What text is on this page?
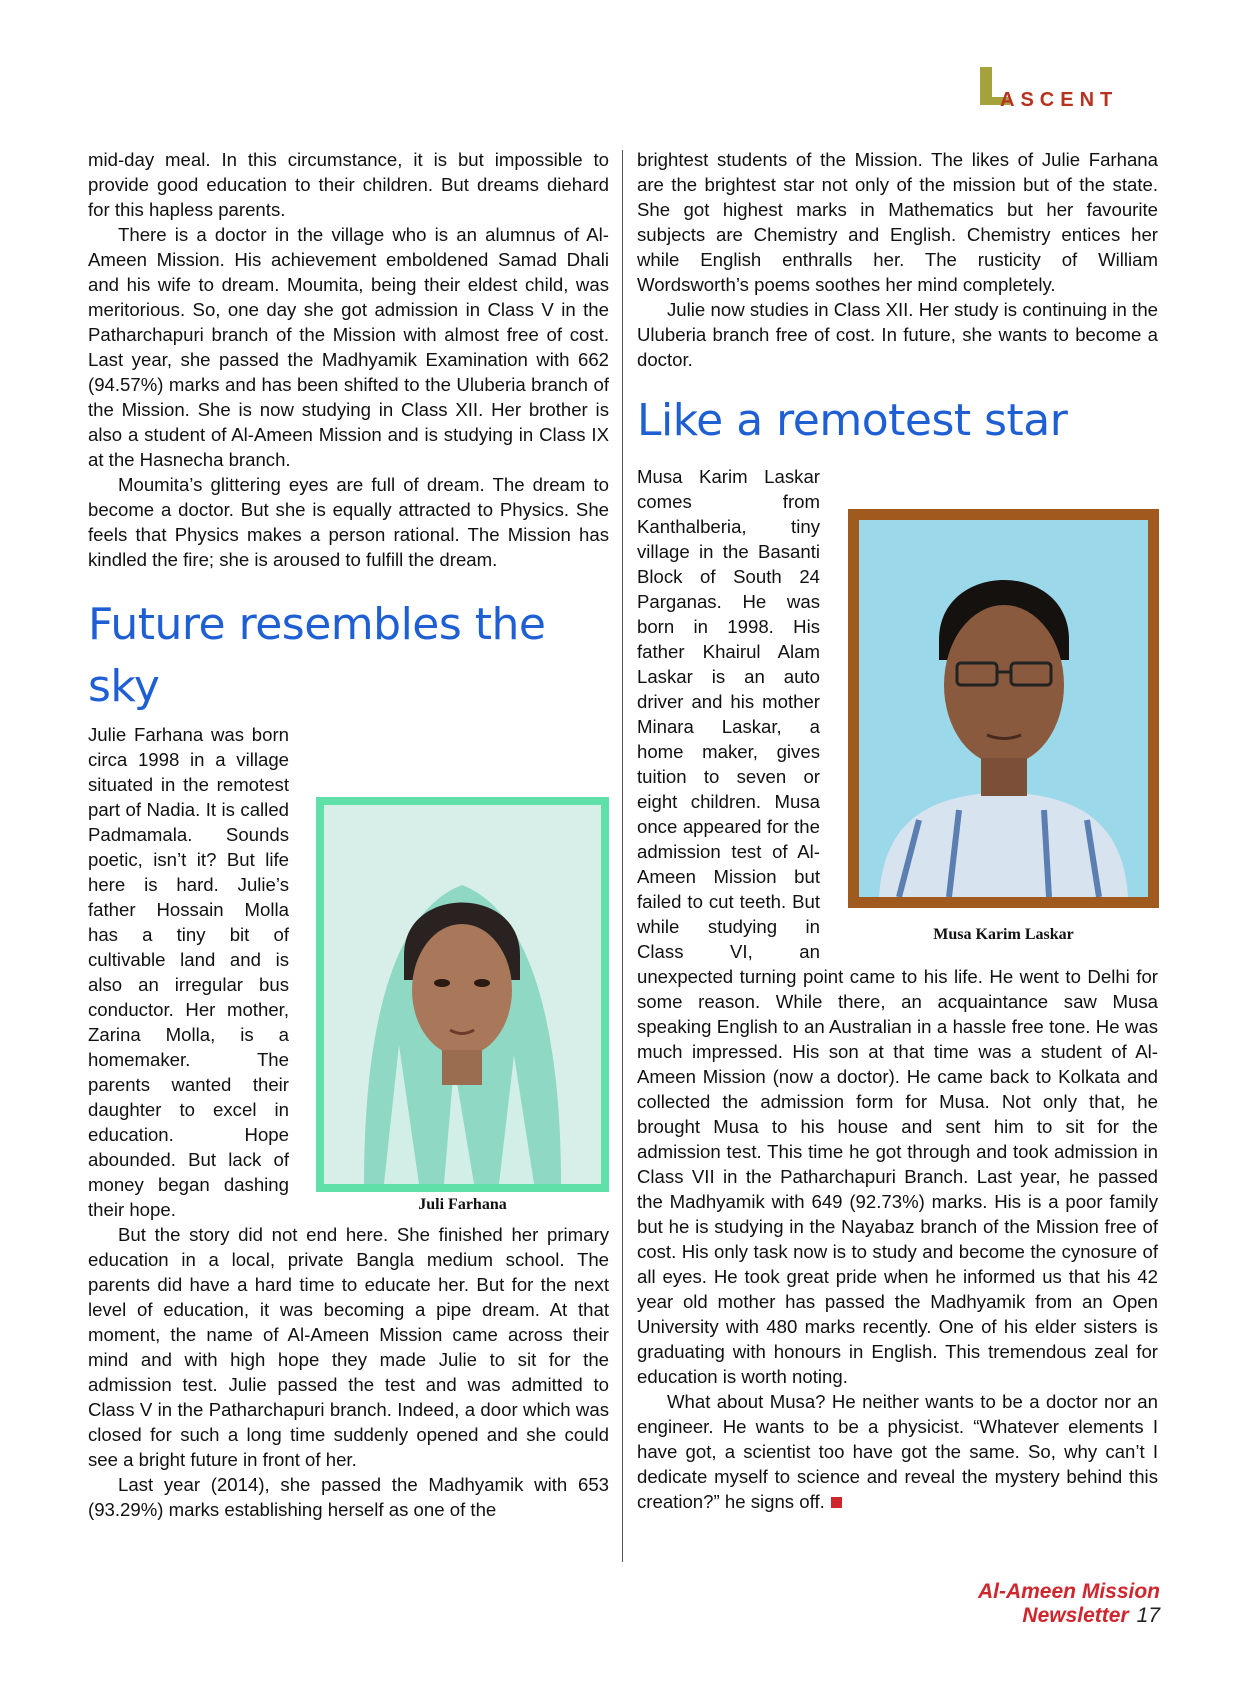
ASCENT

mid-day meal. In this circumstance, it is but impossible to provide good education to their children. But dreams diehard for this hapless parents.

There is a doctor in the village who is an alumnus of Al-Ameen Mission. His achievement emboldened Samad Dhali and his wife to dream. Moumita, being their eldest child, was meritorious. So, one day she got admission in Class V in the Patharchapuri branch of the Mission with almost free of cost. Last year, she passed the Madhyamik Examination with 662 (94.57%) marks and has been shifted to the Uluberia branch of the Mission. She is now studying in Class XII. Her brother is also a student of Al-Ameen Mission and is studying in Class IX at the Hasnecha branch.

Moumita’s glittering eyes are full of dream. The dream to become a doctor. But she is equally attracted to Physics. She feels that Physics makes a person rational. The Mission has kindled the fire; she is aroused to fulfill the dream.

Future resembles the sky

Julie Farhana was born circa 1998 in a village situated in the remotest part of Nadia. It is called Padmamala. Sounds poetic, isn’t it? But life here is hard. Julie’s father Hossain Molla has a tiny bit of cultivable land and is also an irregular bus conductor. Her mother, Zarina Molla, is a homemaker. The parents wanted their daughter to excel in education. Hope abounded. But lack of money began dashing their hope.

But the story did not end here. She finished her primary education in a local, private Bangla medium school. The parents did have a hard time to educate her. But for the next level of education, it was becoming a pipe dream. At that moment, the name of Al-Ameen Mission came across their mind and with high hope they made Julie to sit for the admission test. Julie passed the test and was admitted to Class V in the Patharchapuri branch. Indeed, a door which was closed for such a long time suddenly opened and she could see a bright future in front of her.

Last year (2014), she passed the Madhyamik with 653 (93.29%) marks establishing herself as one of the

brightest students of the Mission. The likes of Julie Farhana are the brightest star not only of the mission but of the state. She got highest marks in Mathematics but her favourite subjects are Chemistry and English. Chemistry entices her while English enthralls her. The rusticity of William Wordsworth’s poems soothes her mind completely.

Julie now studies in Class XII. Her study is continuing in the Uluberia branch free of cost. In future, she wants to become a doctor.

Like a remotest star

Musa Karim Laskar comes from Kanthalberia, tiny village in the Basanti Block of South 24 Parganas. He was born in 1998. His father Khairul Alam Laskar is an auto driver and his mother Minara Laskar, a home maker, gives tuition to seven or eight children. Musa once appeared for the admission test of Al-Ameen Mission but failed to cut teeth. But while studying in Class VI, an unexpected turning point came to his life. He went to Delhi for some reason. While there, an acquaintance saw Musa speaking English to an Australian in a hassle free tone. He was much impressed. His son at that time was a student of Al-Ameen Mission (now a doctor). He came back to Kolkata and collected the admission form for Musa. Not only that, he brought Musa to his house and sent him to sit for the admission test. This time he got through and took admission in Class VII in the Patharchapuri Branch. Last year, he passed the Madhyamik with 649 (92.73%) marks. His is a poor family but he is studying in the Nayabaz branch of the Mission free of cost. His only task now is to study and become the cynosure of all eyes. He took great pride when he informed us that his 42 year old mother has passed the Madhyamik from an Open University with 480 marks recently. One of his elder sisters is graduating with honours in English. This tremendous zeal for education is worth noting.

What about Musa? He neither wants to be a doctor nor an engineer. He wants to be a physicist. “Whatever elements I have got, a scientist too have got the same. So, why can’t I dedicate myself to science and reveal the mystery behind this creation?” he signs off.

Juli Farhana
Musa Karim Laskar
Al-Ameen Mission Newsletter 17
